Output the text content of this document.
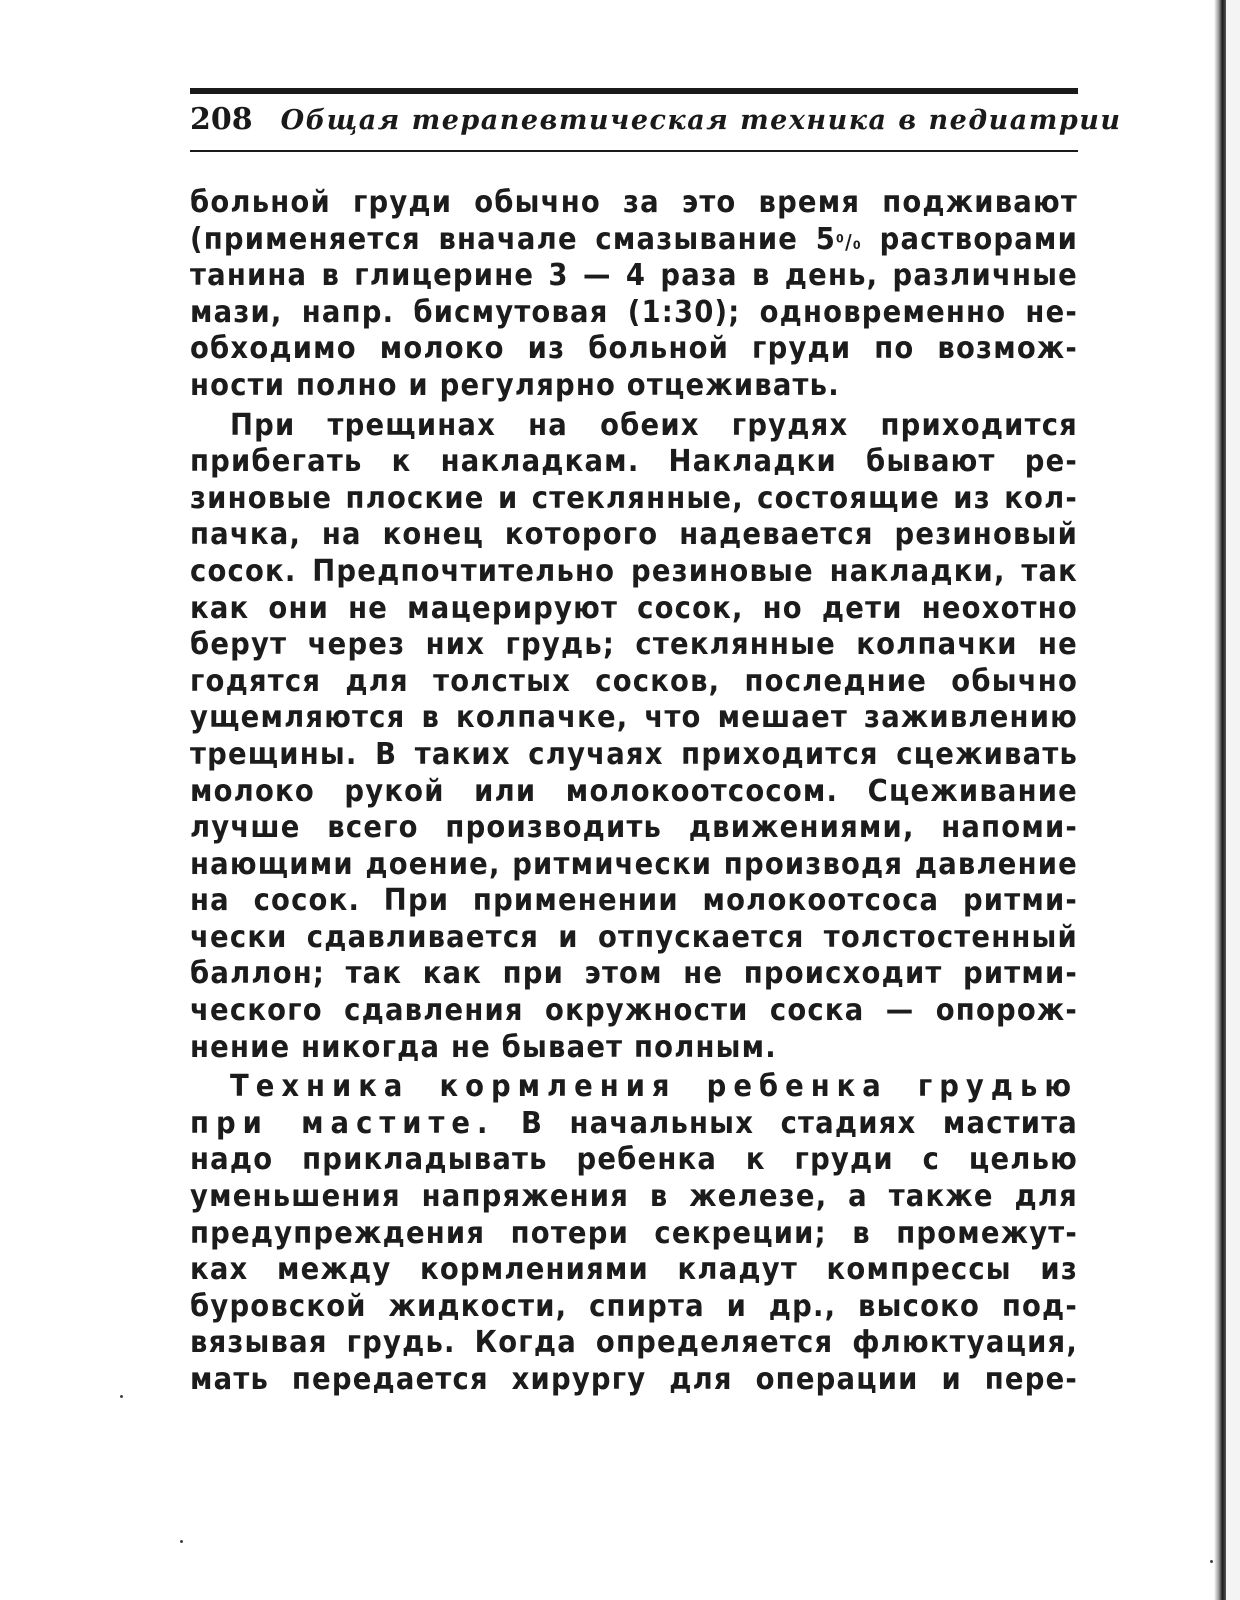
208 Общая терапевтическая техника в педиатрии
больной груди обычно за это время подживают
(применяется вначале смазывание 5⁰/₀ растворами
танина в глицерине 3 — 4 раза в день, различные
мази, напр. бисмутовая (1:30); одновременно не-
обходимо молоко из больной груди по возмож-
ности полно и регулярно отцеживать.
При трещинах на обеих грудях приходится
прибегать к накладкам. Накладки бывают ре-
зиновые плоские и стеклянные, состоящие из кол-
пачка, на конец которого надевается резиновый
сосок. Предпочтительно резиновые накладки, так
как они не мацерируют сосок, но дети неохотно
берут через них грудь; стеклянные колпачки не
годятся для толстых сосков, последние обычно
ущемляются в колпачке, что мешает заживлению
трещины. В таких случаях приходится сцеживать
молоко рукой или молокоотсосом. Сцеживание
лучше всего производить движениями, напоми-
нающими доение, ритмически производя давление
на сосок. При применении молокоотсоса ритми-
чески сдавливается и отпускается толстостенный
баллон; так как при этом не происходит ритми-
ческого сдавления окружности соска — опорож-
нение никогда не бывает полным.
Техника кормления ребенка грудью
при мастите. В начальных стадиях мастита
надо прикладывать ребенка к груди с целью
уменьшения напряжения в железе, а также для
предупреждения потери секреции; в промежут-
ках между кормлениями кладут компрессы из
буровской жидкости, спирта и др., высоко под-
вязывая грудь. Когда определяется флюктуация,
мать передается хирургу для операции и пере-
